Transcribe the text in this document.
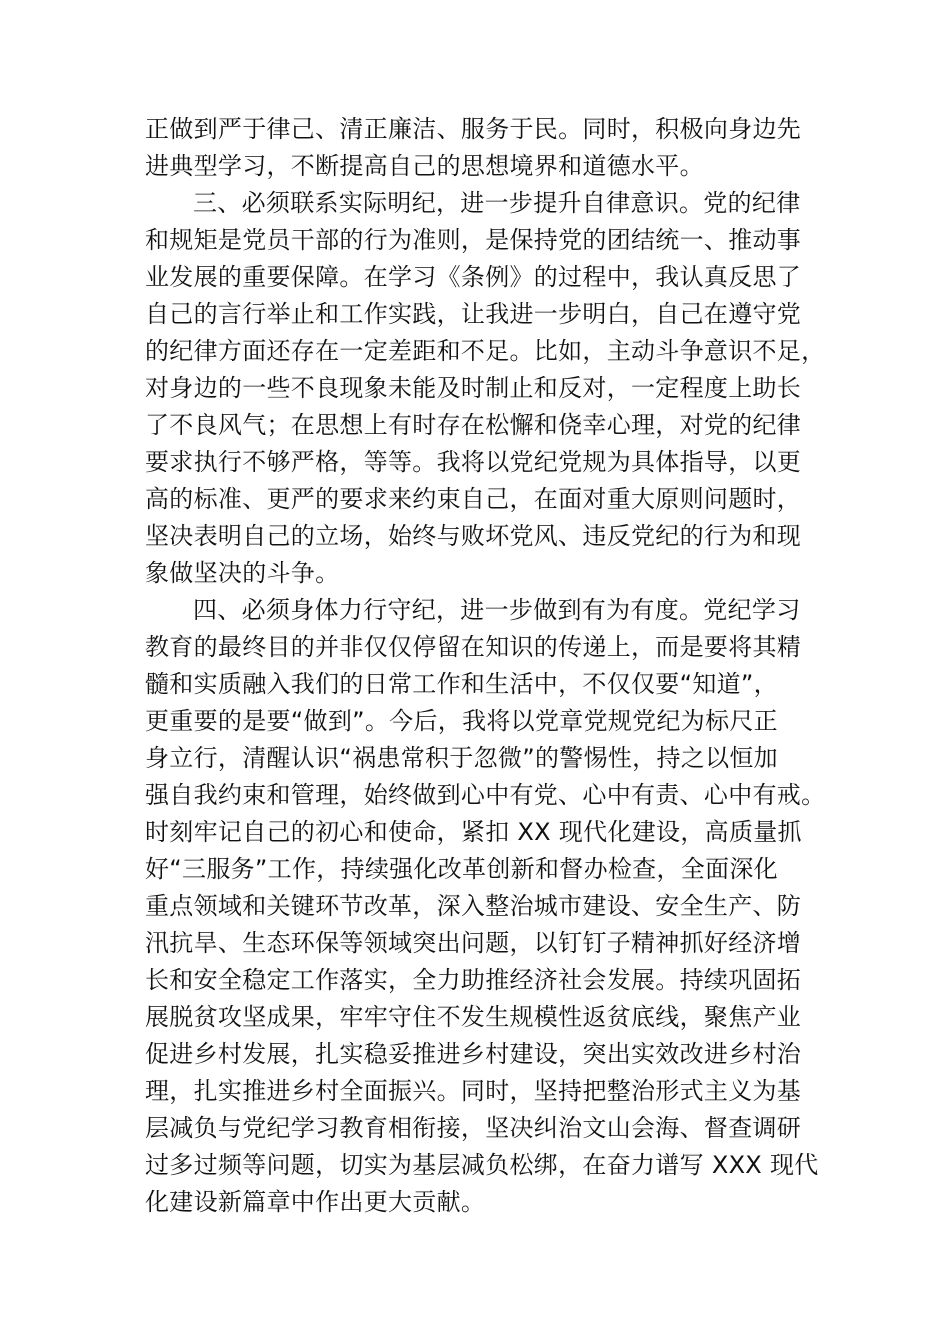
正做到严于律己、清正廉洁、服务于民。同时，积极向身边先
进典型学习，不断提高自己的思想境界和道德水平。
三、必须联系实际明纪，进一步提升自律意识。党的纪律
和规矩是党员干部的行为准则，是保持党的团结统一、推动事
业发展的重要保障。在学习《条例》的过程中，我认真反思了
自己的言行举止和工作实践，让我进一步明白，自己在遵守党
的纪律方面还存在一定差距和不足。比如，主动斗争意识不足，
对身边的一些不良现象未能及时制止和反对，一定程度上助长
了不良风气；在思想上有时存在松懈和侥幸心理，对党的纪律
要求执行不够严格，等等。我将以党纪党规为具体指导，以更
高的标准、更严的要求来约束自己，在面对重大原则问题时，
坚决表明自己的立场，始终与败坏党风、违反党纪的行为和现
象做坚决的斗争。
四、必须身体力行守纪，进一步做到有为有度。党纪学习
教育的最终目的并非仅仅停留在知识的传递上，而是要将其精
髓和实质融入我们的日常工作和生活中，不仅仅要“知道”，
更重要的是要“做到”。今后，我将以党章党规党纪为标尺正
身立行，清醒认识“祸患常积于忽微”的警惕性，持之以恒加
强自我约束和管理，始终做到心中有党、心中有责、心中有戒。
时刻牢记自己的初心和使命，紧扣 XX 现代化建设，高质量抓
好“三服务”工作，持续强化改革创新和督办检查，全面深化
重点领域和关键环节改革，深入整治城市建设、安全生产、防
汛抗旱、生态环保等领域突出问题，以钉钉子精神抓好经济增
长和安全稳定工作落实，全力助推经济社会发展。持续巩固拓
展脱贫攻坚成果，牢牢守住不发生规模性返贫底线，聚焦产业
促进乡村发展，扎实稳妥推进乡村建设，突出实效改进乡村治
理，扎实推进乡村全面振兴。同时，坚持把整治形式主义为基
层减负与党纪学习教育相衔接，坚决纠治文山会海、督查调研
过多过频等问题，切实为基层减负松绑，在奋力谱写 XXX 现代
化建设新篇章中作出更大贡献。
